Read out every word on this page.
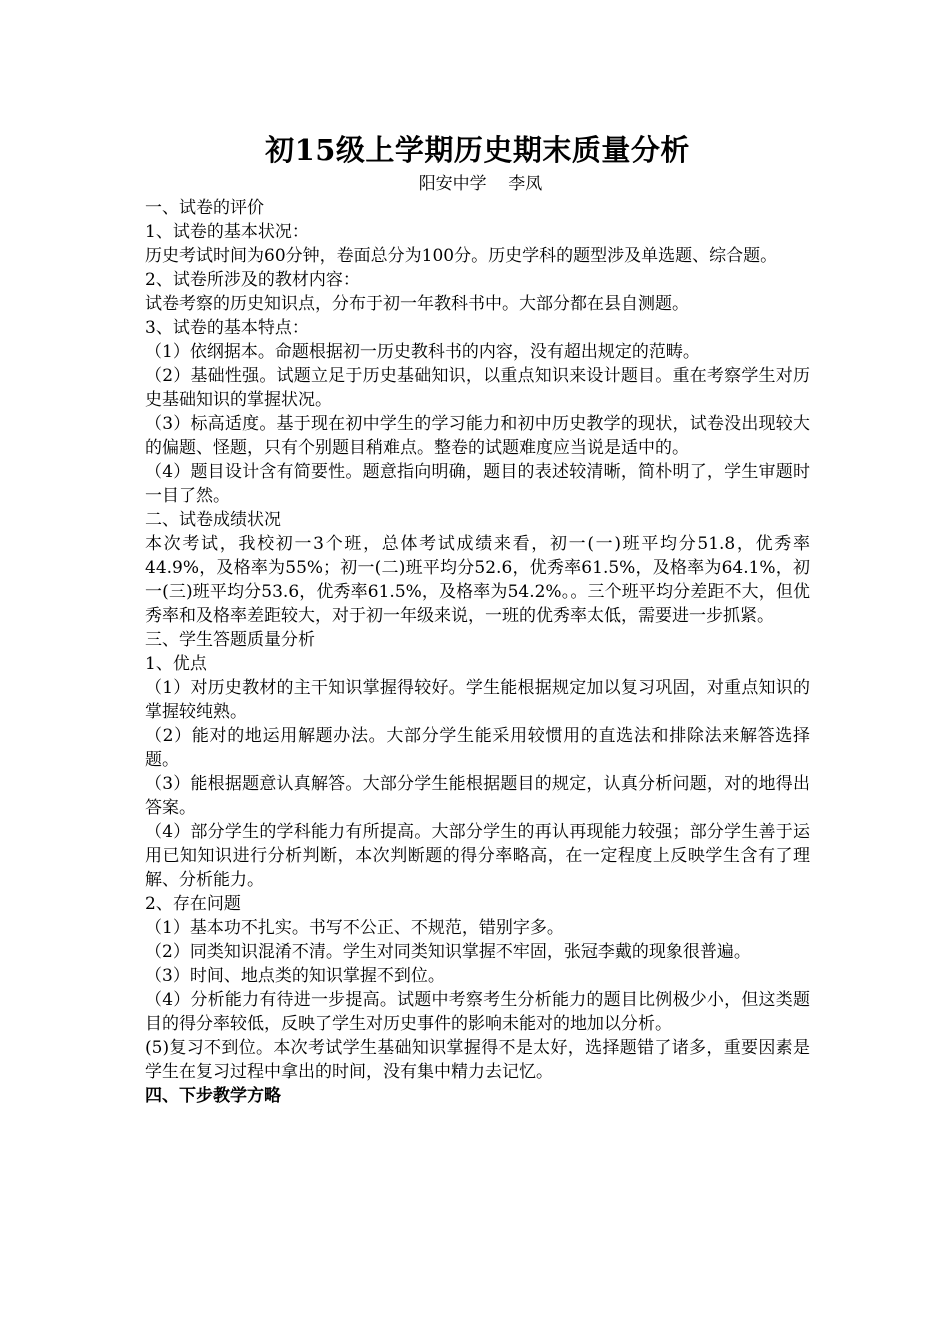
初15级上学期历史期末质量分析
阳安中学    李凤

一、试卷的评价

1、试卷的基本状况：

历史考试时间为60分钟，卷面总分为100分。历史学科的题型涉及单选题、综合题。

2、试卷所涉及的教材内容：

试卷考察的历史知识点，分布于初一年教科书中。大部分都在县自测题。

3、试卷的基本特点：

（1）依纲据本。命题根据初一历史教科书的内容，没有超出规定的范畴。

（2）基础性强。试题立足于历史基础知识，以重点知识来设计题目。重在考察学生对历史基础知识的掌握状况。

（3）标高适度。基于现在初中学生的学习能力和初中历史教学的现状，试卷没出现较大的偏题、怪题，只有个别题目稍难点。整卷的试题难度应当说是适中的。

（4）题目设计含有简要性。题意指向明确，题目的表述较清晰，简朴明了，学生审题时一目了然。

二、试卷成绩状况

本次考试，我校初一3个班，总体考试成绩来看，初一(一)班平均分51.8，优秀率44.9%，及格率为55%；初一(二)班平均分52.6，优秀率61.5%，及格率为64.1%，初一(三)班平均分53.6，优秀率61.5%，及格率为54.2%。。三个班平均分差距不大，但优秀率和及格率差距较大，对于初一年级来说，一班的优秀率太低，需要进一步抓紧。

三、学生答题质量分析

1、优点

（1）对历史教材的主干知识掌握得较好。学生能根据规定加以复习巩固，对重点知识的掌握较纯熟。

（2）能对的地运用解题办法。大部分学生能采用较惯用的直选法和排除法来解答选择题。

（3）能根据题意认真解答。大部分学生能根据题目的规定，认真分析问题，对的地得出答案。

（4）部分学生的学科能力有所提高。大部分学生的再认再现能力较强；部分学生善于运用已知知识进行分析判断，本次判断题的得分率略高，在一定程度上反映学生含有了理解、分析能力。

2、存在问题

（1）基本功不扎实。书写不公正、不规范，错别字多。

（2）同类知识混淆不清。学生对同类知识掌握不牢固，张冠李戴的现象很普遍。

（3）时间、地点类的知识掌握不到位。

（4）分析能力有待进一步提高。试题中考察考生分析能力的题目比例极少小，但这类题目的得分率较低，反映了学生对历史事件的影响未能对的地加以分析。

(5)复习不到位。本次考试学生基础知识掌握得不是太好，选择题错了诸多，重要因素是学生在复习过程中拿出的时间，没有集中精力去记忆。

四、下步教学方略
